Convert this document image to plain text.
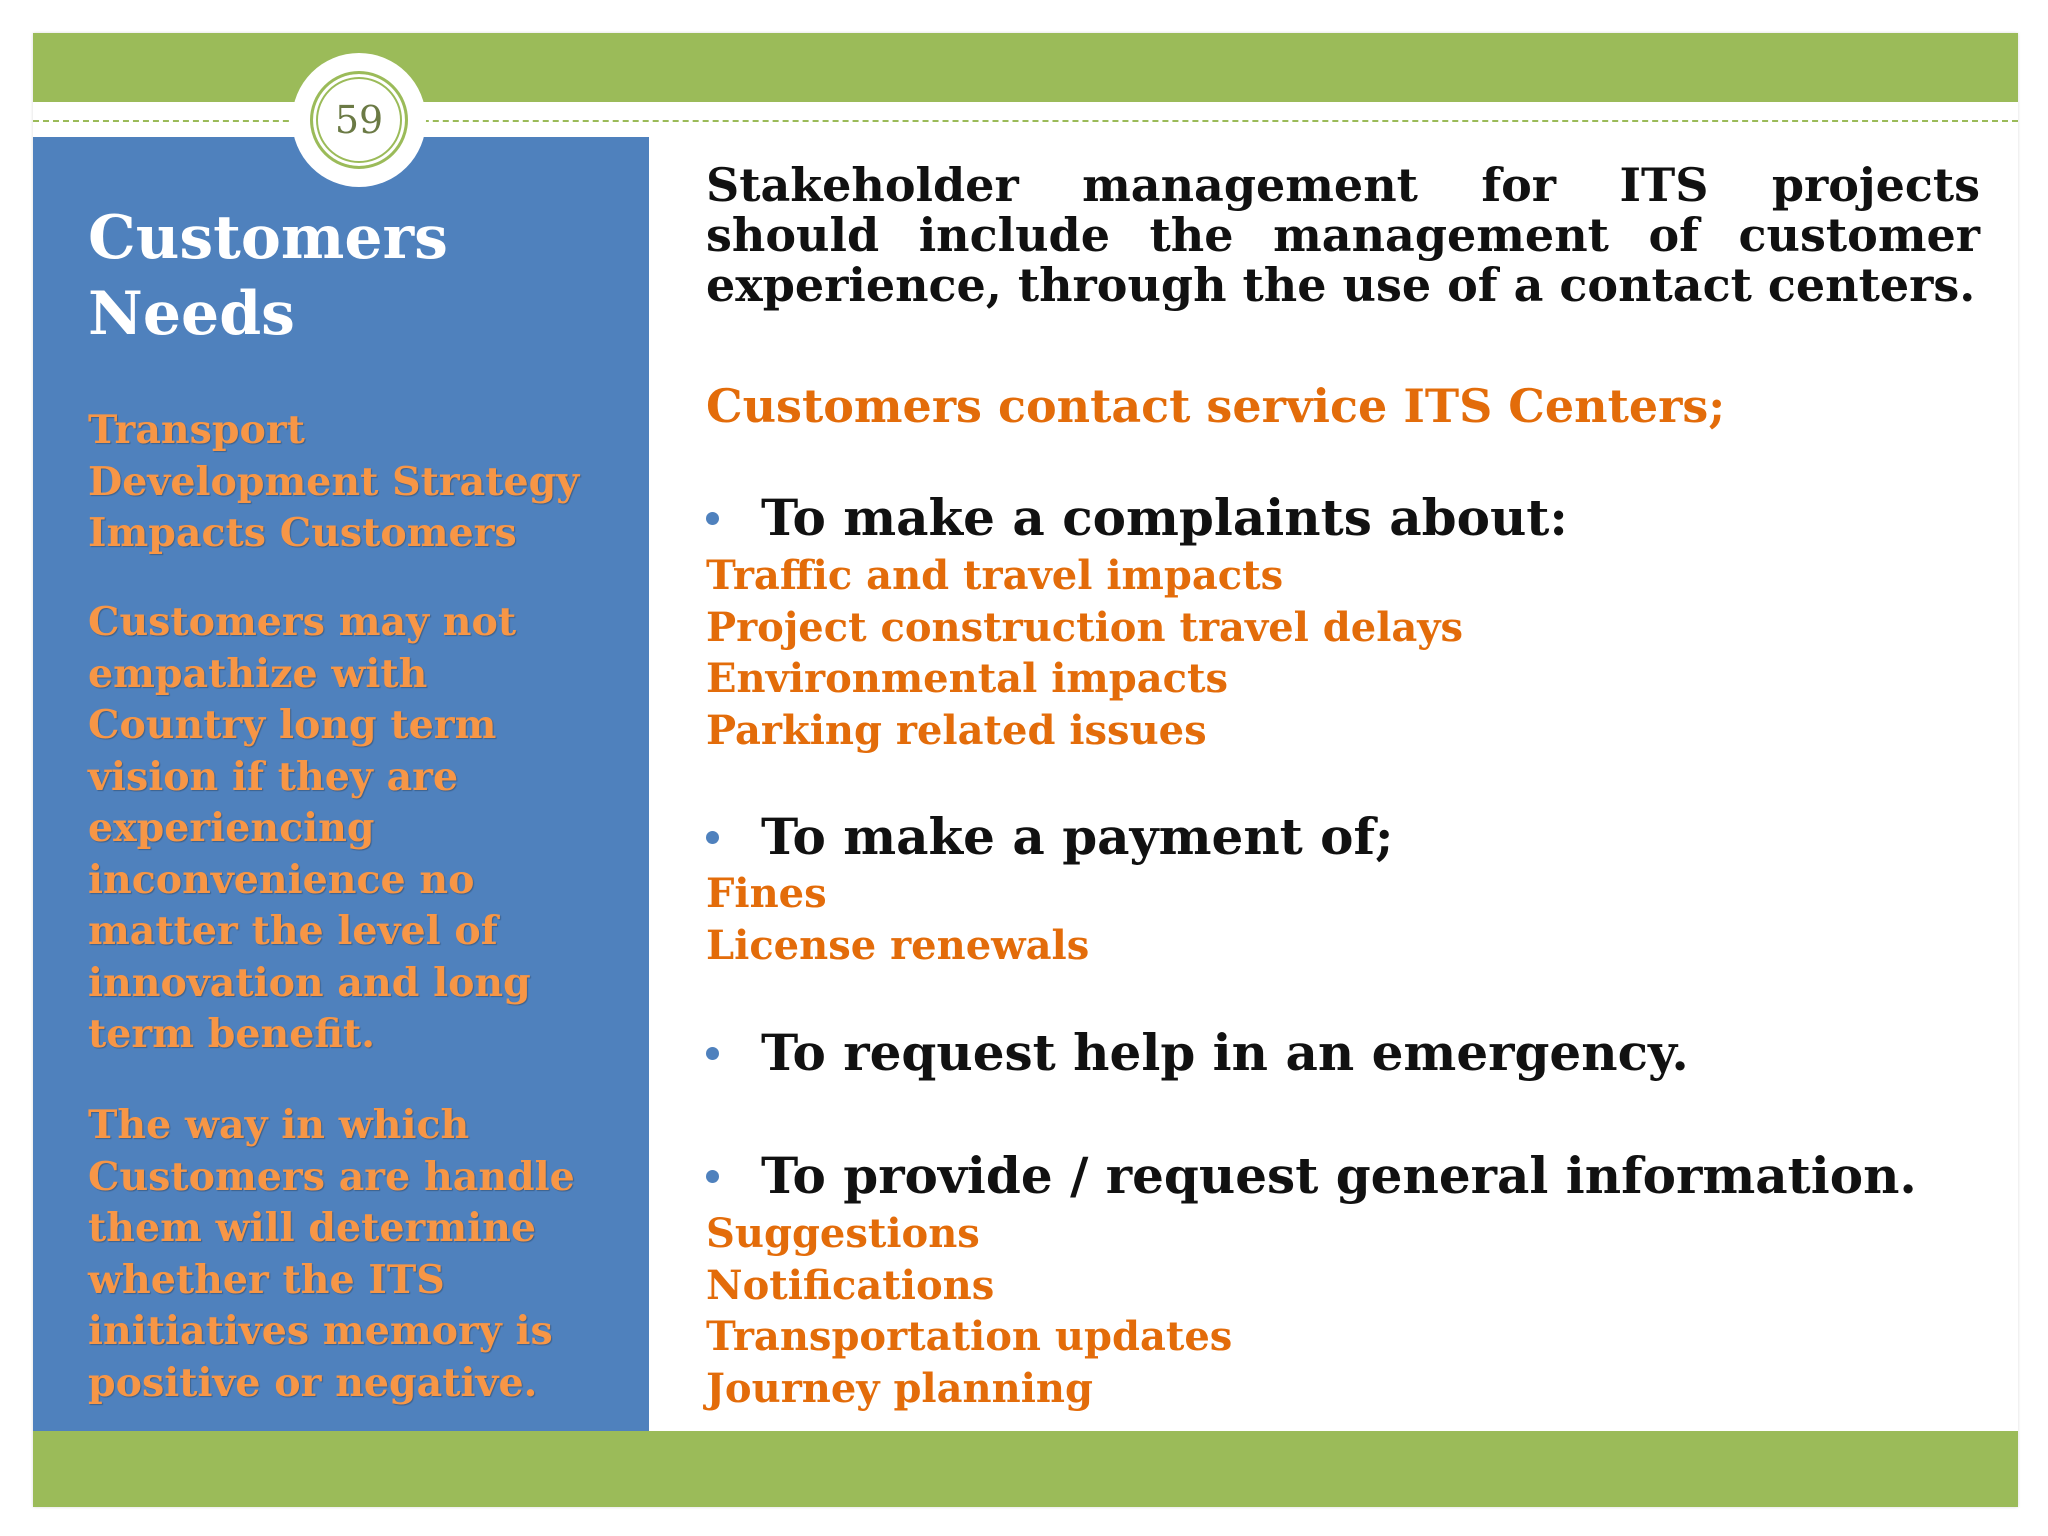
59
Customers
Needs
Transport
Development Strategy
Impacts Customers
Customers may not
empathize with
Country long term
vision if they are
experiencing
inconvenience no
matter the level of
innovation and long
term benefit.
The way in which
Customers are handle
them will determine
whether the ITS
initiatives memory is
positive or negative.
Stakeholder management for ITS projects
should include the management of customer
experience, through the use of a contact centers.
Customers contact service ITS Centers;
To make a complaints about:
Traffic and travel impacts
Project construction travel delays
Environmental impacts
Parking related issues
To make a payment of;
Fines
License renewals
To request help in an emergency.
To provide / request general information.
Suggestions
Notifications
Transportation updates
Journey planning
